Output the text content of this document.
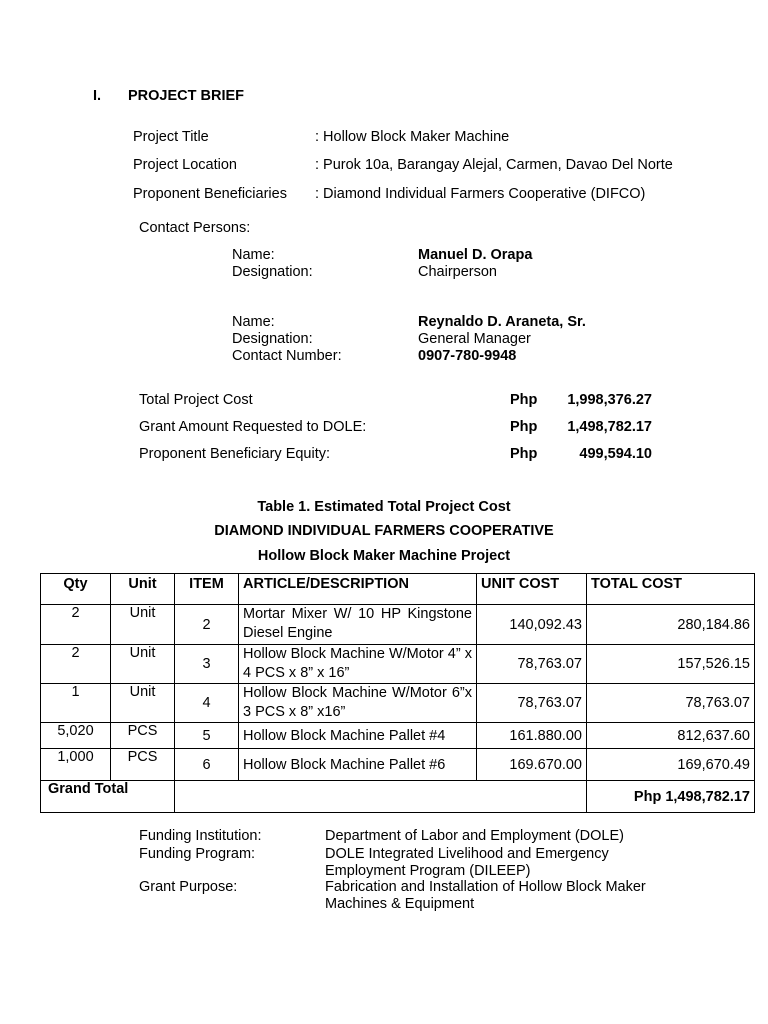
I. PROJECT BRIEF
Project Title	: Hollow Block Maker Machine
Project Location	: Purok 10a, Barangay Alejal, Carmen, Davao Del Norte
Proponent Beneficiaries : Diamond Individual Farmers Cooperative (DIFCO)
Contact Persons:
Name:	Manuel D. Orapa
Designation:	Chairperson
Name:	Reynaldo D. Araneta, Sr.
Designation:	General Manager
Contact Number:	0907-780-9948
Total Project Cost	Php	1,998,376.27
Grant Amount Requested to DOLE:	Php	1,498,782.17
Proponent Beneficiary Equity:	Php	499,594.10
Table 1. Estimated Total Project Cost
DIAMOND INDIVIDUAL FARMERS COOPERATIVE
Hollow Block Maker Machine Project
Qty	Unit	ITEM	ARTICLE/DESCRIPTION	UNIT COST	TOTAL COST
2	Unit	2	Mortar Mixer W/ 10 HP Kingstone Diesel Engine	140,092.43	280,184.86
2	Unit	3	Hollow Block Machine W/Motor 4” x 4 PCS x 8” x 16”	78,763.07	157,526.15
1	Unit	4	Hollow Block Machine W/Motor 6”x 3 PCS x 8” x16”	78,763.07	78,763.07
5,020	PCS	5	Hollow Block Machine Pallet #4	161.880.00	812,637.60
1,000	PCS	6	Hollow Block Machine Pallet #6	169.670.00	169,670.49
Grand Total					Php 1,498,782.17
Funding Institution:	Department of Labor and Employment (DOLE)
Funding Program:	DOLE Integrated Livelihood and Emergency Employment Program (DILEEP)
Grant Purpose:	Fabrication and Installation of Hollow Block Maker Machines & Equipment
